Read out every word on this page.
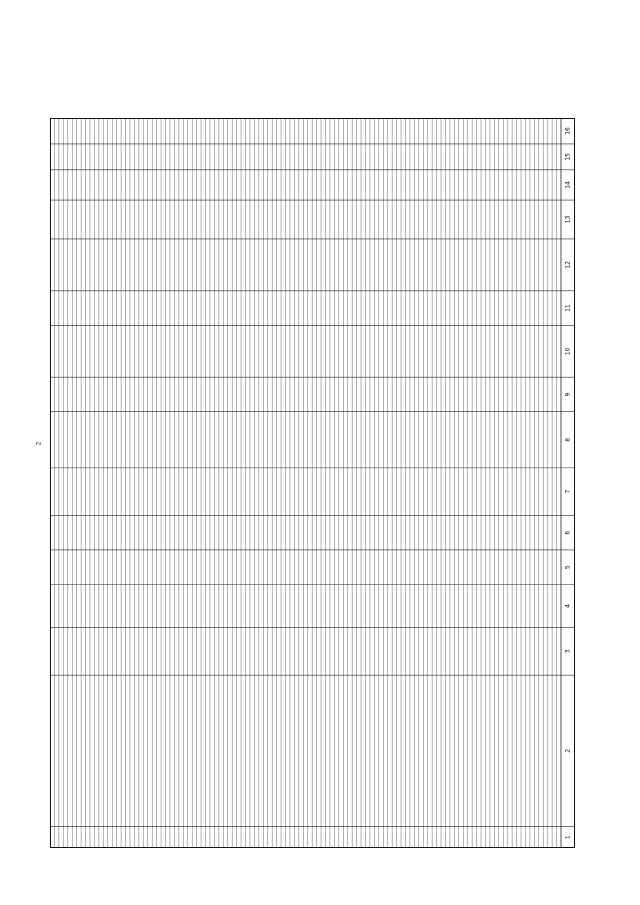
2
1
2
3
4
5
6
7
8
9
10
11
12
13
14
15
16
